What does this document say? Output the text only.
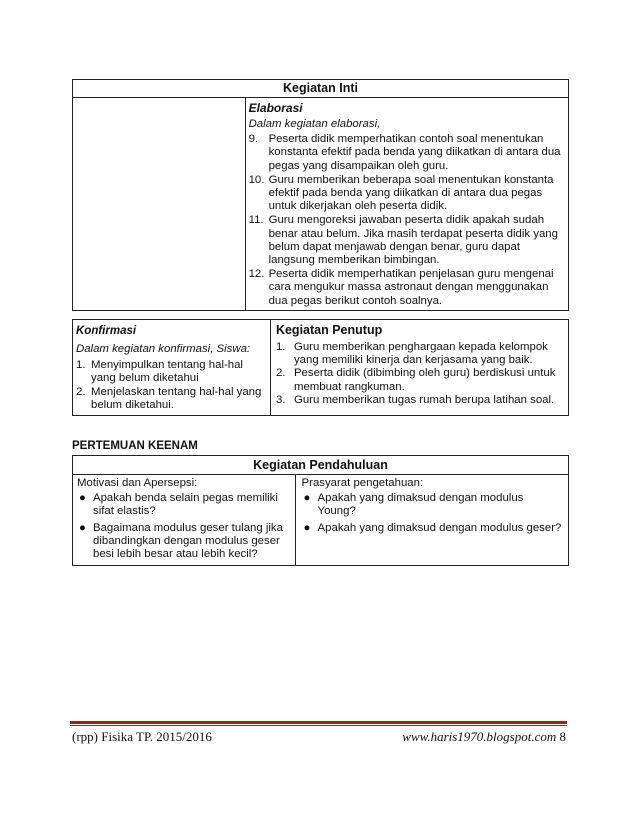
Kegiatan Inti

Elaborasi
Dalam kegiatan elaborasi,
9. Peserta didik memperhatikan contoh soal menentukan konstanta efektif pada benda yang diikatkan di antara dua pegas yang disampaikan oleh guru.
10. Guru memberikan beberapa soal menentukan konstanta efektif pada benda yang diikatkan di antara dua pegas untuk dikerjakan oleh peserta didik.
11. Guru mengoreksi jawaban peserta didik apakah sudah benar atau belum. Jika masih terdapat peserta didik yang belum dapat menjawab dengan benar, guru dapat langsung memberikan bimbingan.
12. Peserta didik memperhatikan penjelasan guru mengenai cara mengukur massa astronaut dengan menggunakan dua pegas berikut contoh soalnya.
Konfirmasi
Dalam kegiatan konfirmasi, Siswa:
1. Menyimpulkan tentang hal-hal yang belum diketahui
2. Menjelaskan tentang hal-hal yang belum diketahui.

Kegiatan Penutup
1. Guru memberikan penghargaan kepada kelompok yang memiliki kinerja dan kerjasama yang baik.
2. Peserta didik (dibimbing oleh guru) berdiskusi untuk membuat rangkuman.
3. Guru memberikan tugas rumah berupa latihan soal.
PERTEMUAN KEENAM
Kegiatan Pendahuluan

Motivasi dan Apersepsi:
● Apakah benda selain pegas memiliki sifat elastis?
● Bagaimana modulus geser tulang jika dibandingkan dengan modulus geser besi lebih besar atau lebih kecil?

Prasyarat pengetahuan:
● Apakah yang dimaksud dengan modulus Young?
● Apakah yang dimaksud dengan modulus geser?
(rpp) Fisika TP. 2015/2016	www.haris1970.blogspot.com 8
